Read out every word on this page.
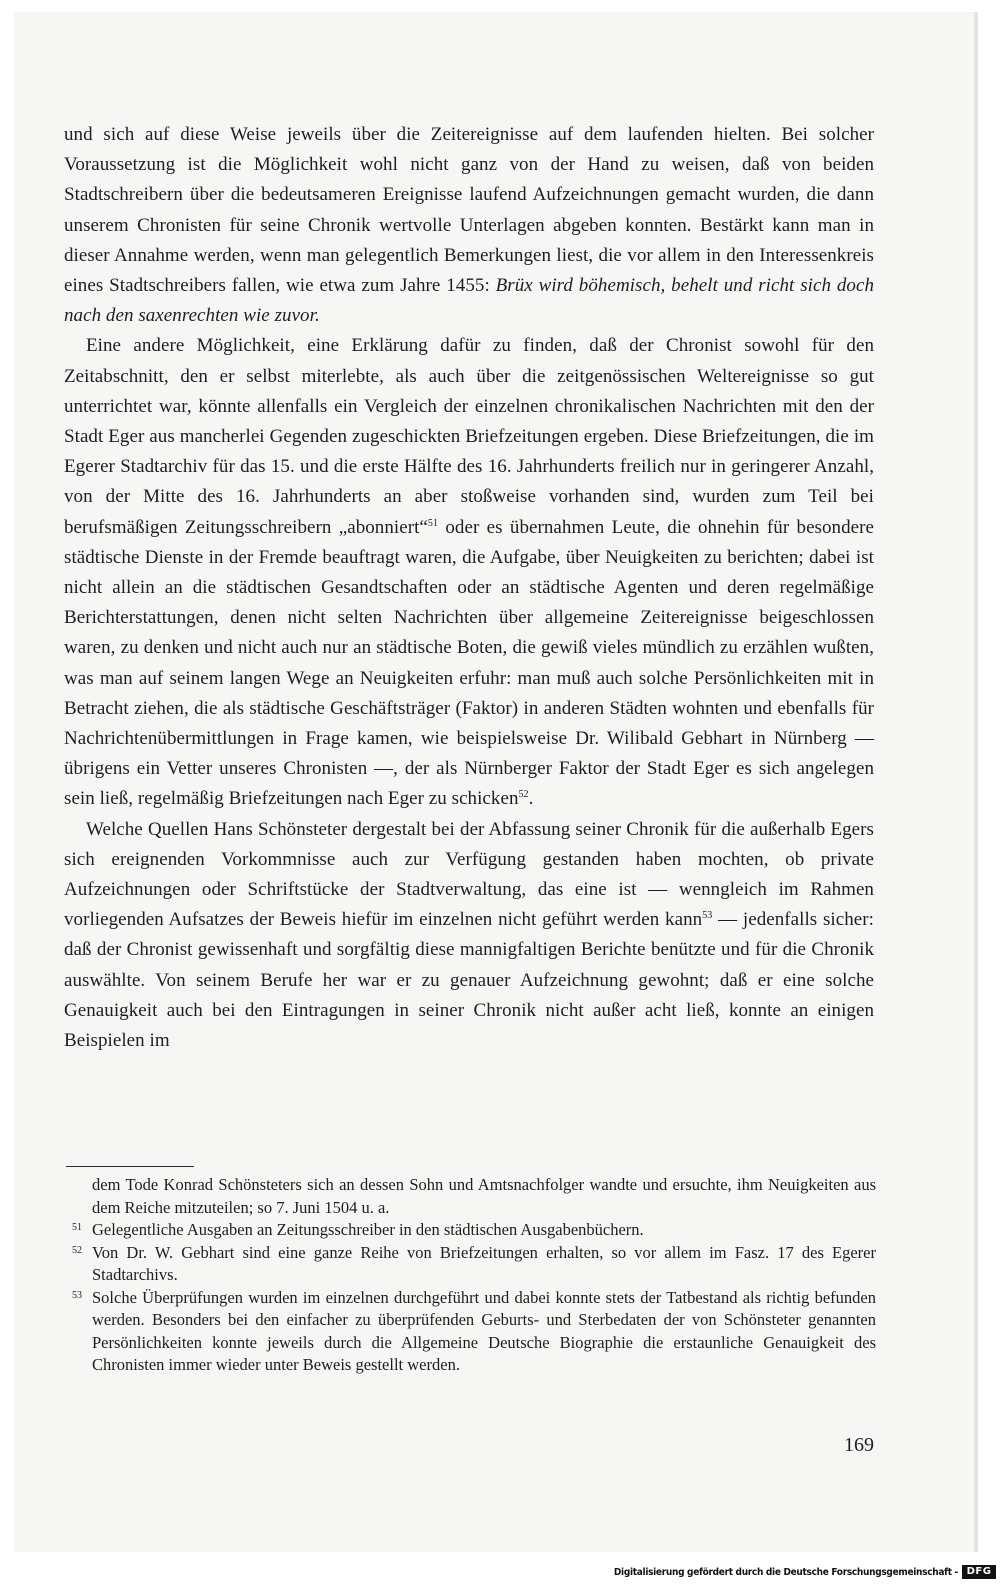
und sich auf diese Weise jeweils über die Zeitereignisse auf dem laufenden hielten. Bei solcher Voraussetzung ist die Möglichkeit wohl nicht ganz von der Hand zu weisen, daß von beiden Stadtschreibern über die bedeutsameren Ereignisse laufend Aufzeichnungen gemacht wurden, die dann unserem Chronisten für seine Chronik wertvolle Unterlagen abgeben konnten. Bestärkt kann man in dieser Annahme werden, wenn man gelegentlich Bemerkungen liest, die vor allem in den Interessenkreis eines Stadtschreibers fallen, wie etwa zum Jahre 1455: Brüx wird böhemisch, behelt und richt sich doch nach den saxenrechten wie zuvor.

Eine andere Möglichkeit, eine Erklärung dafür zu finden, daß der Chronist sowohl für den Zeitabschnitt, den er selbst miterlebte, als auch über die zeitgenössischen Weltereignisse so gut unterrichtet war, könnte allenfalls ein Vergleich der einzelnen chronikalischen Nachrichten mit den der Stadt Eger aus mancherlei Gegenden zugeschickten Briefzeitungen ergeben. Diese Briefzeitungen, die im Egerer Stadtarchiv für das 15. und die erste Hälfte des 16. Jahrhunderts freilich nur in geringerer Anzahl, von der Mitte des 16. Jahrhunderts an aber stoßweise vorhanden sind, wurden zum Teil bei berufsmäßigen Zeitungsschreibern „abonniert“$^{51}$ oder es übernahmen Leute, die ohnehin für besondere städtische Dienste in der Fremde beauftragt waren, die Aufgabe, über Neuigkeiten zu berichten; dabei ist nicht allein an die städtischen Gesandtschaften oder an städtische Agenten und deren regelmäßige Berichterstattungen, denen nicht selten Nachrichten über allgemeine Zeitereignisse beigeschlossen waren, zu denken und nicht auch nur an städtische Boten, die gewiß vieles mündlich zu erzählen wußten, was man auf seinem langen Wege an Neuigkeiten erfuhr: man muß auch solche Persönlichkeiten mit in Betracht ziehen, die als städtische Geschäftsträger (Faktor) in anderen Städten wohnten und ebenfalls für Nachrichtenübermittlungen in Frage kamen, wie beispielsweise Dr. Wilibald Gebhart in Nürnberg — übrigens ein Vetter unseres Chronisten —, der als Nürnberger Faktor der Stadt Eger es sich angelegen sein ließ, regelmäßig Briefzeitungen nach Eger zu schicken$^{52}$.

Welche Quellen Hans Schönsteter dergestalt bei der Abfassung seiner Chronik für die außerhalb Egers sich ereignenden Vorkommnisse auch zur Verfügung gestanden haben mochten, ob private Aufzeichnungen oder Schriftstücke der Stadtverwaltung, das eine ist — wenngleich im Rahmen vorliegenden Aufsatzes der Beweis hiefür im einzelnen nicht geführt werden kann$^{53}$ — jedenfalls sicher: daß der Chronist gewissenhaft und sorgfältig diese mannigfaltigen Berichte benützte und für die Chronik auswählte. Von seinem Berufe her war er zu genauer Aufzeichnung gewohnt; daß er eine solche Genauigkeit auch bei den Eintragungen in seiner Chronik nicht außer acht ließ, konnte an einigen Beispielen im

dem Tode Konrad Schönsteters sich an dessen Sohn und Amtsnachfolger wandte und ersuchte, ihm Neuigkeiten aus dem Reiche mitzuteilen; so 7. Juni 1504 u. a.
51 Gelegentliche Ausgaben an Zeitungsschreiber in den städtischen Ausgabenbüchern.
52 Von Dr. W. Gebhart sind eine ganze Reihe von Briefzeitungen erhalten, so vor allem im Fasz. 17 des Egerer Stadtarchivs.
53 Solche Überprüfungen wurden im einzelnen durchgeführt und dabei konnte stets der Tatbestand als richtig befunden werden. Besonders bei den einfacher zu überprüfenden Geburts- und Sterbedaten der von Schönsteter genannten Persönlichkeiten konnte jeweils durch die Allgemeine Deutsche Biographie die erstaunliche Genauigkeit des Chronisten immer wieder unter Beweis gestellt werden.
169
Digitalisierung gefördert durch die Deutsche Forschungsgemeinschaft - DFG
